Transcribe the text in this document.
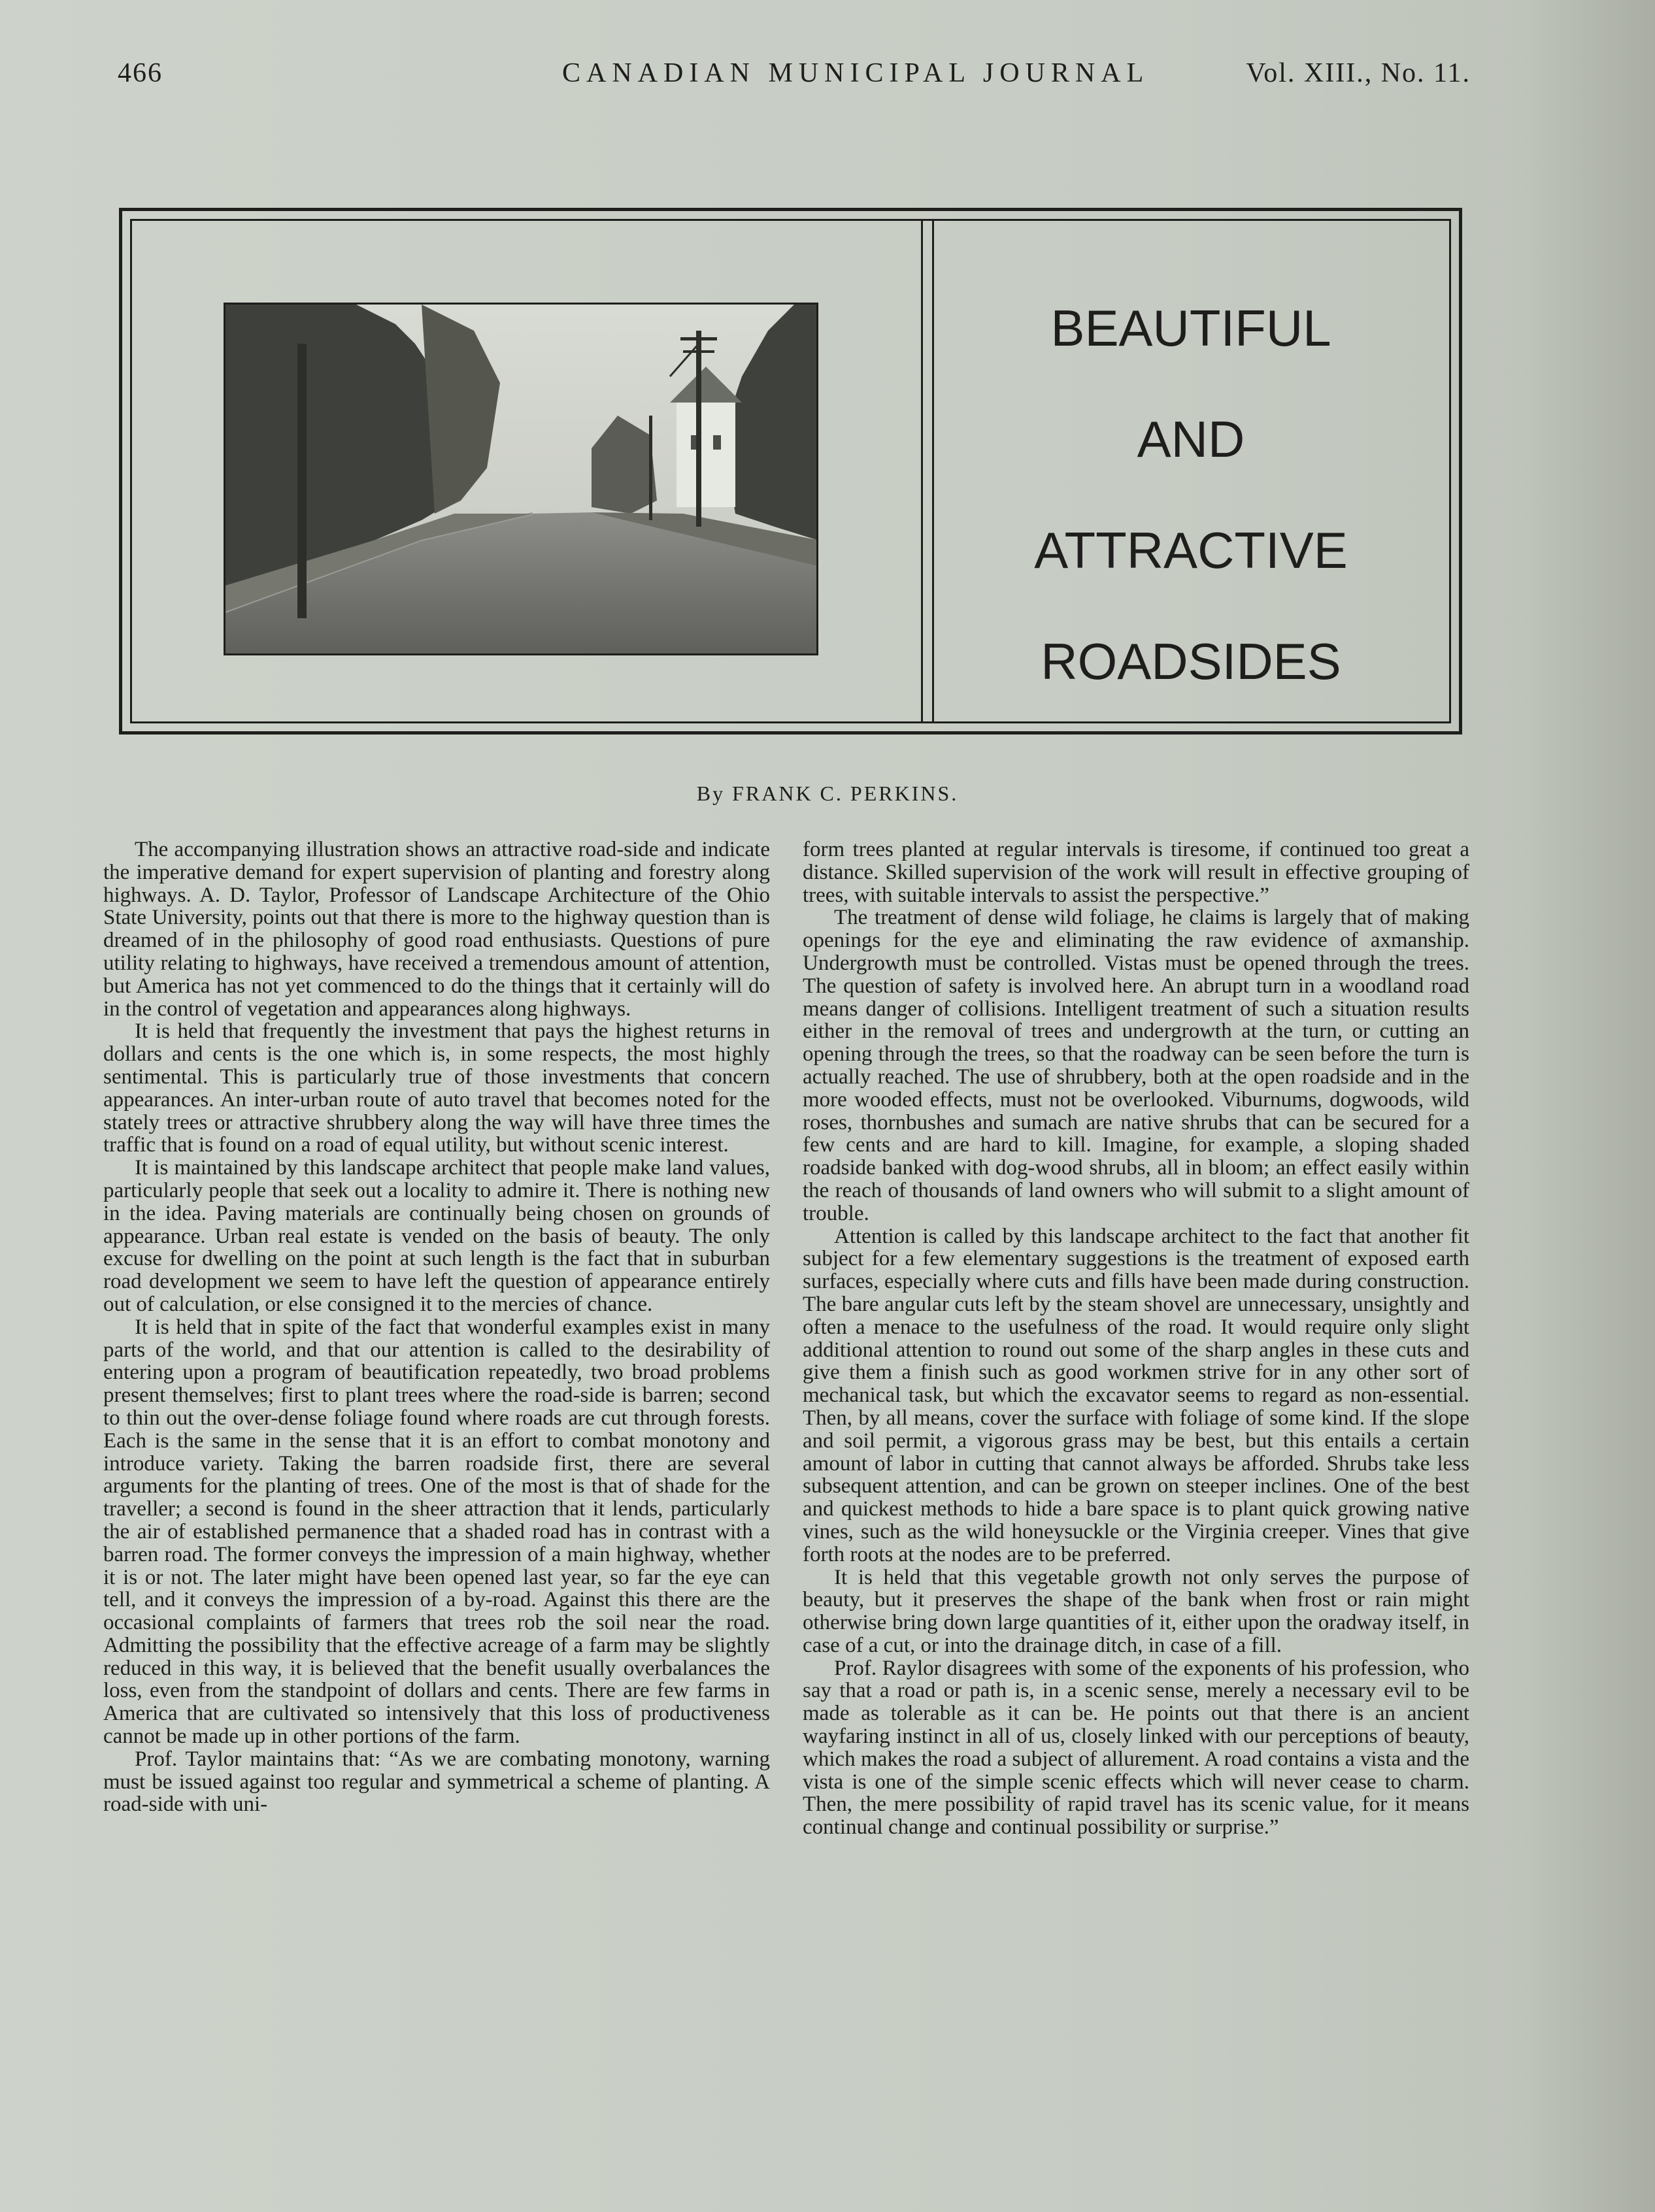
466	CANADIAN MUNICIPAL JOURNAL	Vol. XIII., No. 11.
BEAUTIFUL
AND
ATTRACTIVE
ROADSIDES
By FRANK C. PERKINS.

The accompanying illustration shows an attractive road-side and indicate the imperative demand for expert supervision of planting and forestry along highways. A. D. Taylor, Professor of Landscape Architecture of the Ohio State University, points out that there is more to the highway question than is dreamed of in the philosophy of good road enthusiasts. Questions of pure utility relating to highways, have received a tremendous amount of attention, but America has not yet commenced to do the things that it certainly will do in the control of vegetation and appearances along highways.

It is held that frequently the investment that pays the highest returns in dollars and cents is the one which is, in some respects, the most highly sentimental. This is particularly true of those investments that concern appearances. An inter-urban route of auto travel that becomes noted for the stately trees or attractive shrubbery along the way will have three times the traffic that is found on a road of equal utility, but without scenic interest.

It is maintained by this landscape architect that people make land values, particularly people that seek out a locality to admire it. There is nothing new in the idea. Paving materials are continually being chosen on grounds of appearance. Urban real estate is vended on the basis of beauty. The only excuse for dwelling on the point at such length is the fact that in suburban road development we seem to have left the question of appearance entirely out of calculation, or else consigned it to the mercies of chance.

It is held that in spite of the fact that wonderful examples exist in many parts of the world, and that our attention is called to the desirability of entering upon a program of beautification repeatedly, two broad problems present themselves; first to plant trees where the road-side is barren; second to thin out the over-dense foliage found where roads are cut through forests. Each is the same in the sense that it is an effort to combat monotony and introduce variety. Taking the barren roadside first, there are several arguments for the planting of trees. One of the most is that of shade for the traveller; a second is found in the sheer attraction that it lends, particularly the air of established permanence that a shaded road has in contrast with a barren road. The former conveys the impression of a main highway, whether it is or not. The later might have been opened last year, so far the eye can tell, and it conveys the impression of a by-road. Against this there are the occasional complaints of farmers that trees rob the soil near the road. Admitting the possibility that the effective acreage of a farm may be slightly reduced in this way, it is believed that the benefit usually overbalances the loss, even from the standpoint of dollars and cents. There are few farms in America that are cultivated so intensively that this loss of productiveness cannot be made up in other portions of the farm.

Prof. Taylor maintains that: “As we are combating monotony, warning must be issued against too regular and symmetrical a scheme of planting. A road-side with uni-

form trees planted at regular intervals is tiresome, if continued too great a distance. Skilled supervision of the work will result in effective grouping of trees, with suitable intervals to assist the perspective.”

The treatment of dense wild foliage, he claims is largely that of making openings for the eye and eliminating the raw evidence of axmanship. Undergrowth must be controlled. Vistas must be opened through the trees. The question of safety is involved here. An abrupt turn in a woodland road means danger of collisions. Intelligent treatment of such a situation results either in the removal of trees and undergrowth at the turn, or cutting an opening through the trees, so that the roadway can be seen before the turn is actually reached. The use of shrubbery, both at the open roadside and in the more wooded effects, must not be overlooked. Viburnums, dogwoods, wild roses, thornbushes and sumach are native shrubs that can be secured for a few cents and are hard to kill. Imagine, for example, a sloping shaded roadside banked with dog-wood shrubs, all in bloom; an effect easily within the reach of thousands of land owners who will submit to a slight amount of trouble.

Attention is called by this landscape architect to the fact that another fit subject for a few elementary suggestions is the treatment of exposed earth surfaces, especially where cuts and fills have been made during construction. The bare angular cuts left by the steam shovel are unnecessary, unsightly and often a menace to the usefulness of the road. It would require only slight additional attention to round out some of the sharp angles in these cuts and give them a finish such as good workmen strive for in any other sort of mechanical task, but which the excavator seems to regard as non-essential. Then, by all means, cover the surface with foliage of some kind. If the slope and soil permit, a vigorous grass may be best, but this entails a certain amount of labor in cutting that cannot always be afforded. Shrubs take less subsequent attention, and can be grown on steeper inclines. One of the best and quickest methods to hide a bare space is to plant quick growing native vines, such as the wild honeysuckle or the Virginia creeper. Vines that give forth roots at the nodes are to be preferred.

It is held that this vegetable growth not only serves the purpose of beauty, but it preserves the shape of the bank when frost or rain might otherwise bring down large quantities of it, either upon the oradway itself, in case of a cut, or into the drainage ditch, in case of a fill.

Prof. Raylor disagrees with some of the exponents of his profession, who say that a road or path is, in a scenic sense, merely a necessary evil to be made as tolerable as it can be. He points out that there is an ancient wayfaring instinct in all of us, closely linked with our perceptions of beauty, which makes the road a subject of allurement. A road contains a vista and the vista is one of the simple scenic effects which will never cease to charm. Then, the mere possibility of rapid travel has its scenic value, for it means continual change and continual possibility or surprise.”
